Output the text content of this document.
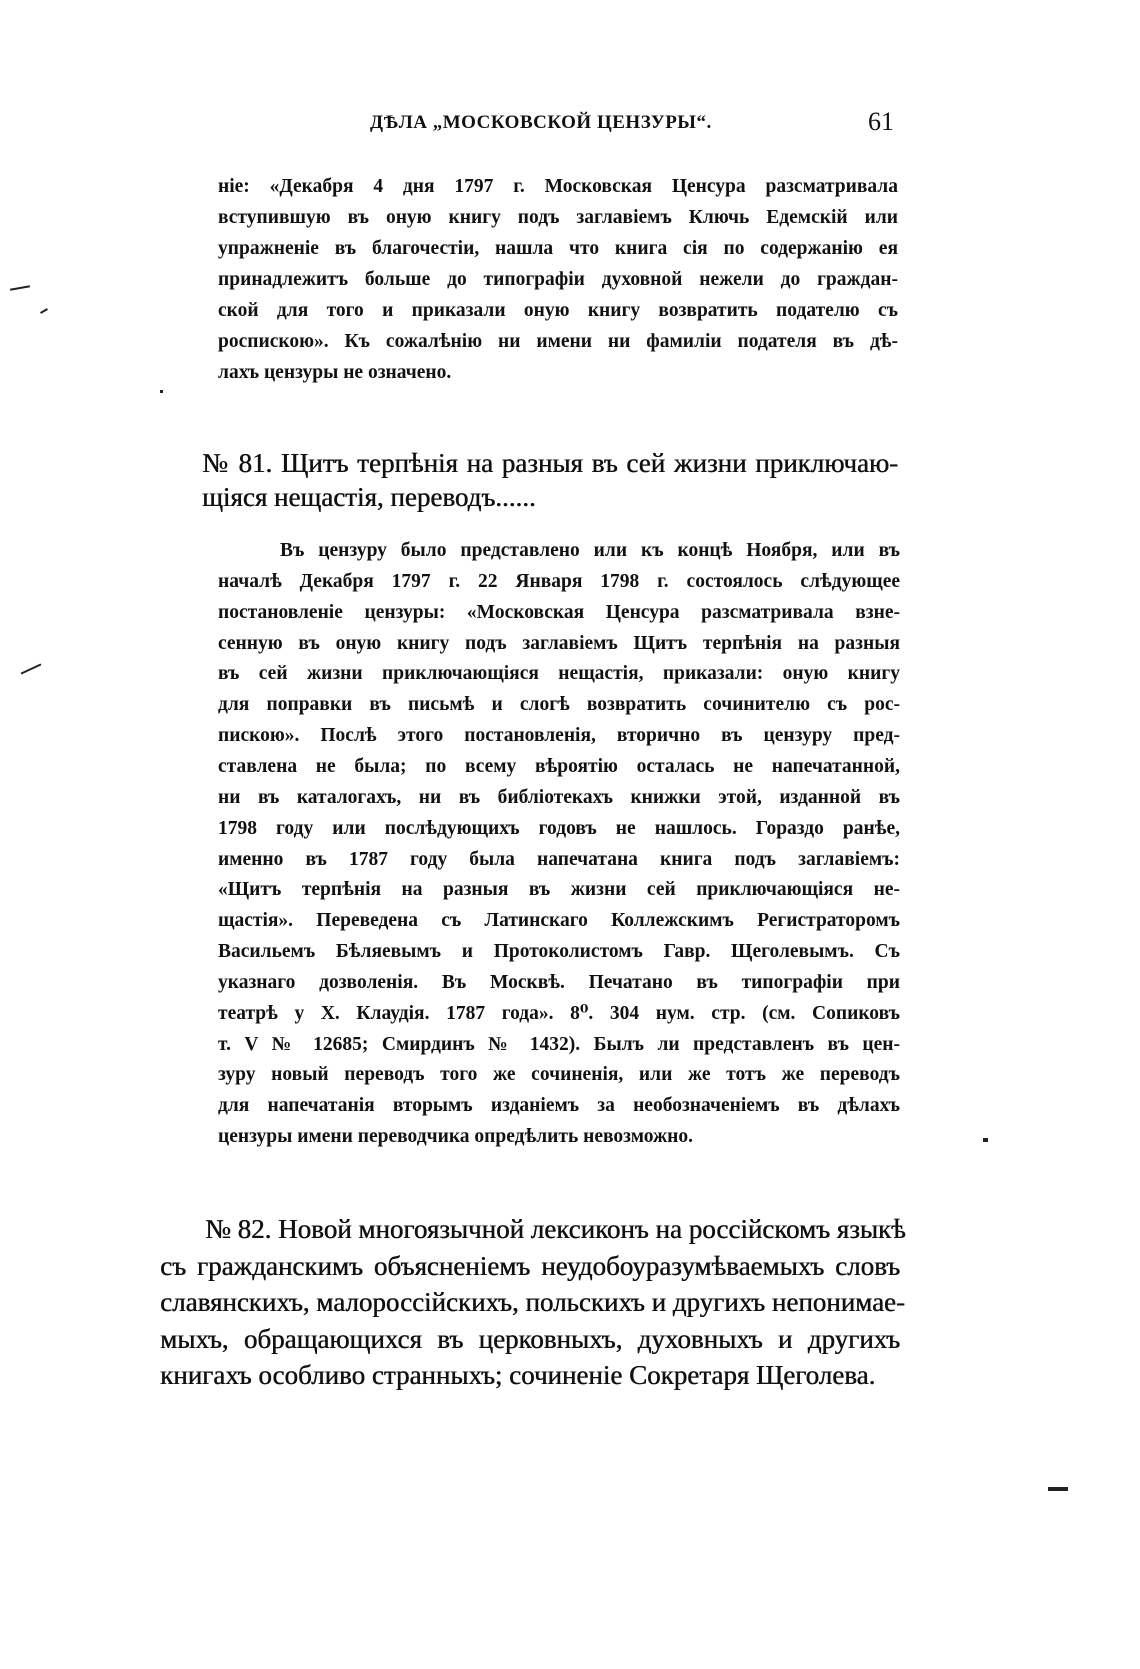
ДѢЛА „МОСКОВСКОЙ ЦЕНЗУРЫ“.	61
ніе: «Декабря 4 дня 1797 г. Московская Ценсура разсматривала
вступившую въ оную книгу подъ заглавіемъ Ключь Едемскій или
упражненіе въ благочестіи, нашла что книга сія по содержанію ея
принадлежитъ больше до типографіи духовной нежели до граждан-
ской для того и приказали оную книгу возвратить подателю съ
роспискою». Къ сожалѣнію ни имени ни фамиліи подателя въ дѣ-
лахъ цензуры не означено.
№ 81. Щитъ терпѣнія на разныя въ сей жизни приключаю-
щіяся нещастія, переводъ......
Въ цензуру было представлено или къ концѣ Ноября, или въ
началѣ Декабря 1797 г. 22 Января 1798 г. состоялось слѣдующее
постановленіе цензуры: «Московская Ценсура разсматривала взне-
сенную въ оную книгу подъ заглавіемъ Щитъ терпѣнія на разныя
въ сей жизни приключающіяся нещастія, приказали: оную книгу
для поправки въ письмѣ и слогѣ возвратить сочинителю съ рос-
пискою». Послѣ этого постановленія, вторично въ цензуру пред-
ставлена не была; по всему вѣроятію осталась не напечатанной,
ни въ каталогахъ, ни въ библіотекахъ книжки этой, изданной въ
1798 году или послѣдующихъ годовъ не нашлось. Гораздо ранѣе,
именно въ 1787 году была напечатана книга подъ заглавіемъ:
«Щитъ терпѣнія на разныя въ жизни сей приключающіяся не-
щастія». Переведена съ Латинскаго Коллежскимъ Регистраторомъ
Васильемъ Бѣляевымъ и Протоколистомъ Гавр. Щеголевымъ. Съ
указнаго дозволенія. Въ Москвѣ. Печатано въ типографіи при
театрѣ у Х. Клаудія. 1787 года». 8⁰. 304 нум. стр. (см. Сопиковъ
т. V № 12685; Смирдинъ № 1432). Былъ ли представленъ въ цен-
зуру новый переводъ того же сочиненія, или же тотъ же переводъ
для напечатанія вторымъ изданіемъ за необозначеніемъ въ дѣлахъ
цензуры имени переводчика опредѣлить невозможно.
№ 82. Новой многоязычной лексиконъ на россійскомъ языкѣ
съ гражданскимъ объясненіемъ неудобоуразумѣваемыхъ словъ
славянскихъ, малороссійскихъ, польскихъ и другихъ непонимае-
мыхъ, обращающихся въ церковныхъ, духовныхъ и другихъ
книгахъ особливо странныхъ; сочиненіе Сокретаря Щеголева.
